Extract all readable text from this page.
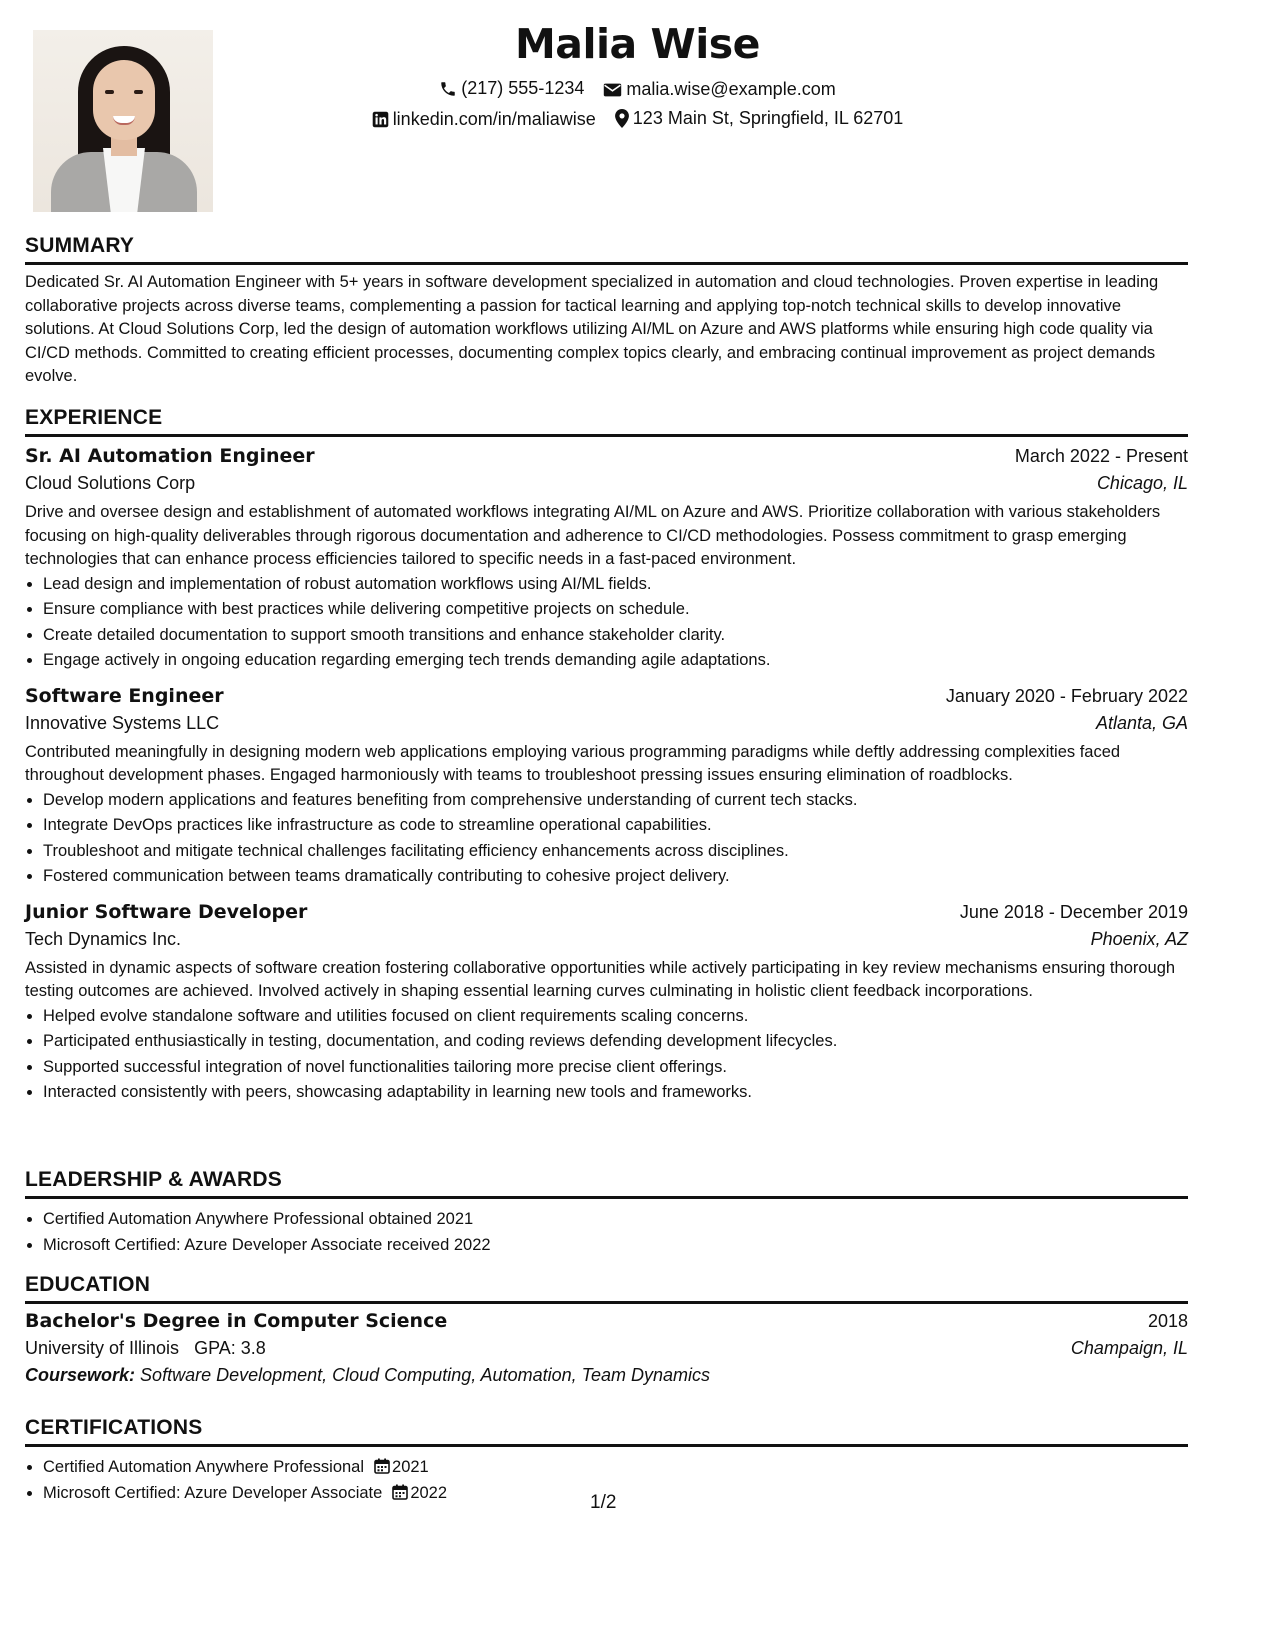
Malia Wise
(217) 555-1234
malia.wise@example.com
linkedin.com/in/maliawise
123 Main St, Springfield, IL 62701
SUMMARY
Dedicated Sr. AI Automation Engineer with 5+ years in software development specialized in automation and cloud technologies. Proven expertise in leading collaborative projects across diverse teams, complementing a passion for tactical learning and applying top-notch technical skills to develop innovative solutions. At Cloud Solutions Corp, led the design of automation workflows utilizing AI/ML on Azure and AWS platforms while ensuring high code quality via CI/CD methods. Committed to creating efficient processes, documenting complex topics clearly, and embracing continual improvement as project demands evolve.
EXPERIENCE
Sr. AI Automation Engineer	March 2022 - Present
Cloud Solutions Corp	Chicago, IL
Drive and oversee design and establishment of automated workflows integrating AI/ML on Azure and AWS. Prioritize collaboration with various stakeholders focusing on high-quality deliverables through rigorous documentation and adherence to CI/CD methodologies. Possess commitment to grasp emerging technologies that can enhance process efficiencies tailored to specific needs in a fast-paced environment.
• Lead design and implementation of robust automation workflows using AI/ML fields.
• Ensure compliance with best practices while delivering competitive projects on schedule.
• Create detailed documentation to support smooth transitions and enhance stakeholder clarity.
• Engage actively in ongoing education regarding emerging tech trends demanding agile adaptations.
Software Engineer	January 2020 - February 2022
Innovative Systems LLC	Atlanta, GA
Contributed meaningfully in designing modern web applications employing various programming paradigms while deftly addressing complexities faced throughout development phases. Engaged harmoniously with teams to troubleshoot pressing issues ensuring elimination of roadblocks.
• Develop modern applications and features benefiting from comprehensive understanding of current tech stacks.
• Integrate DevOps practices like infrastructure as code to streamline operational capabilities.
• Troubleshoot and mitigate technical challenges facilitating efficiency enhancements across disciplines.
• Fostered communication between teams dramatically contributing to cohesive project delivery.
Junior Software Developer	June 2018 - December 2019
Tech Dynamics Inc.	Phoenix, AZ
Assisted in dynamic aspects of software creation fostering collaborative opportunities while actively participating in key review mechanisms ensuring thorough testing outcomes are achieved. Involved actively in shaping essential learning curves culminating in holistic client feedback incorporations.
• Helped evolve standalone software and utilities focused on client requirements scaling concerns.
• Participated enthusiastically in testing, documentation, and coding reviews defending development lifecycles.
• Supported successful integration of novel functionalities tailoring more precise client offerings.
• Interacted consistently with peers, showcasing adaptability in learning new tools and frameworks.
LEADERSHIP & AWARDS
• Certified Automation Anywhere Professional obtained 2021
• Microsoft Certified: Azure Developer Associate received 2022
EDUCATION
Bachelor's Degree in Computer Science	2018
University of Illinois GPA: 3.8	Champaign, IL
Coursework: Software Development, Cloud Computing, Automation, Team Dynamics
CERTIFICATIONS
• Certified Automation Anywhere Professional 2021
• Microsoft Certified: Azure Developer Associate 2022	1/2
